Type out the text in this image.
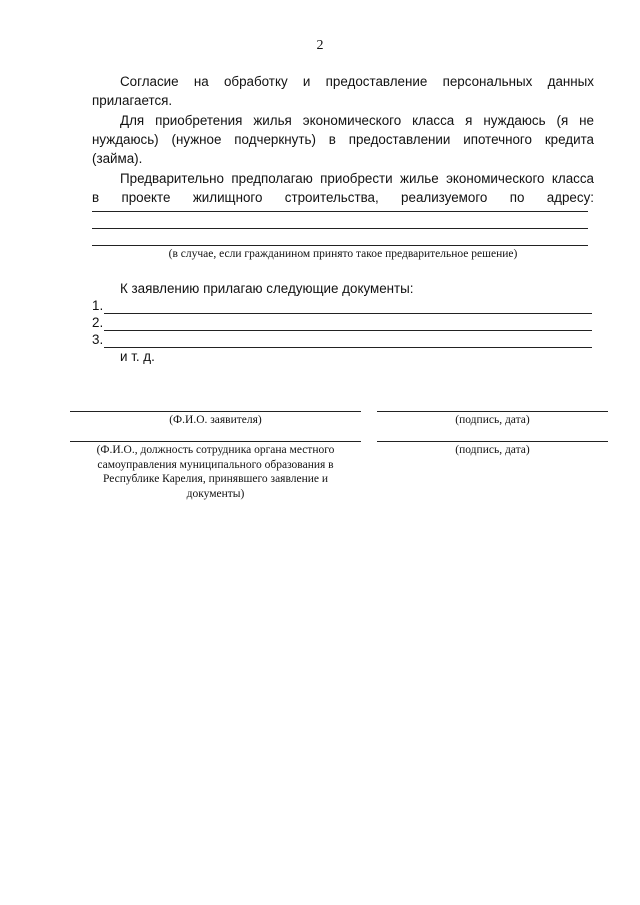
2

Согласие на обработку и предоставление персональных данных

прилагается.

Для приобретения жилья экономического класса я нуждаюсь (я не

нуждаюсь) (нужное подчеркнуть) в предоставлении ипотечного кредита

(займа).

Предварительно предполагаю приобрести жилье экономического класса

в проекте жилищного строительства, реализуемого по адресу:

(в случае, если гражданином принято такое предварительное решение)

К заявлению прилагаю следующие документы:

1.
2.
3.
и т. д.
(Ф.И.О. заявителя)	(подпись, дата)
(Ф.И.О., должность сотрудника органа местного
самоуправления муниципального образования в
Республике Карелия, принявшего заявление и
документы)
(подпись, дата)
